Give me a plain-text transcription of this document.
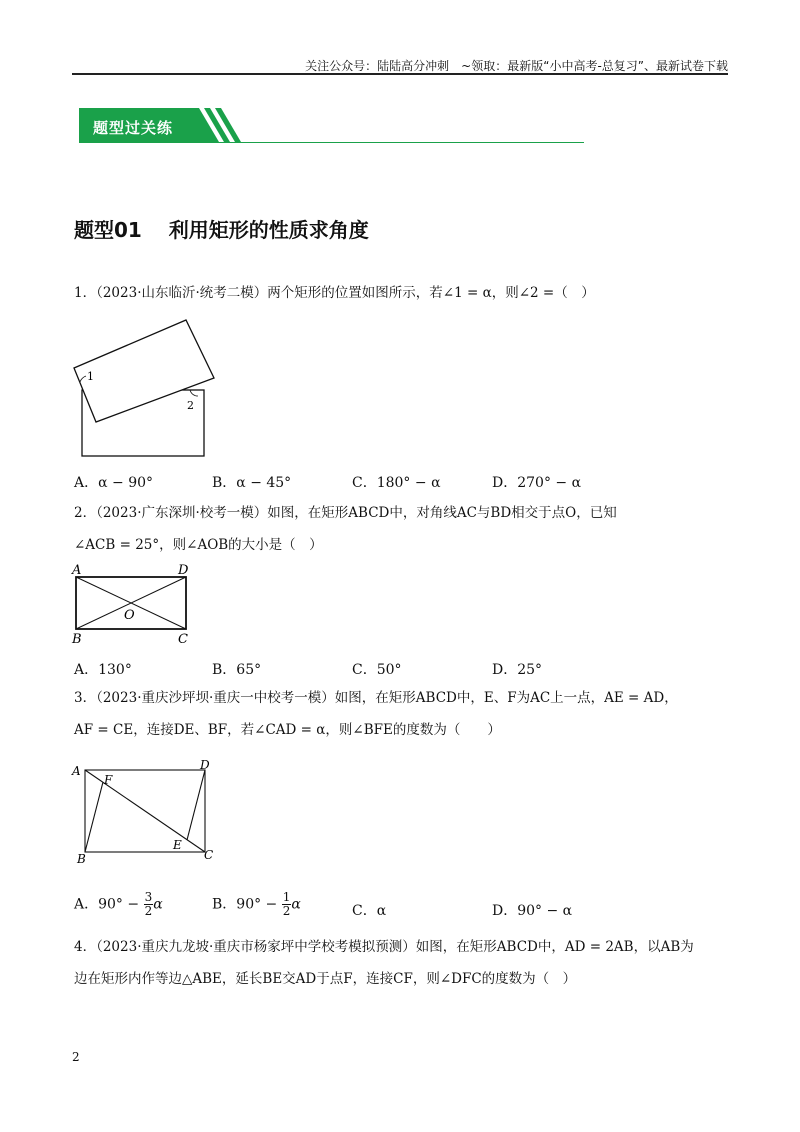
关注公众号：陆陆高分冲刺　~领取：最新版“小中高考-总复习”、最新试卷下载
题型过关练
题型01　 利用矩形的性质求角度
1．（2023·山东临沂·统考二模）两个矩形的位置如图所示，若∠1 = α，则∠2 =（　）
1
2
A．α − 90°	B．α − 45°	C．180° − α	D．270° − α
2．（2023·广东深圳·校考一模）如图，在矩形ABCD中，对角线AC与BD相交于点O，已知
∠ACB = 25°，则∠AOB的大小是（　）
A	D
B	C
O
A．130°	B．65°	C．50°	D．25°
3．（2023·重庆沙坪坝·重庆一中校考一模）如图，在矩形ABCD中，E、F为AC上一点，AE = AD，
AF = CE，连接DE、BF，若∠CAD = α，则∠BFE的度数为（　　）
A	D
B	C
F
E
A．$90^\circ - \frac{3}{2}$ α	B．$90^\circ - \frac{1}{2}$ α	C．α	D．90° − α
4．（2023·重庆九龙坡·重庆市杨家坪中学校考模拟预测）如图，在矩形ABCD中，AD = 2AB，以AB为
边在矩形内作等边△ABE，延长BE交AD于点F，连接CF，则∠DFC的度数为（　）
2
